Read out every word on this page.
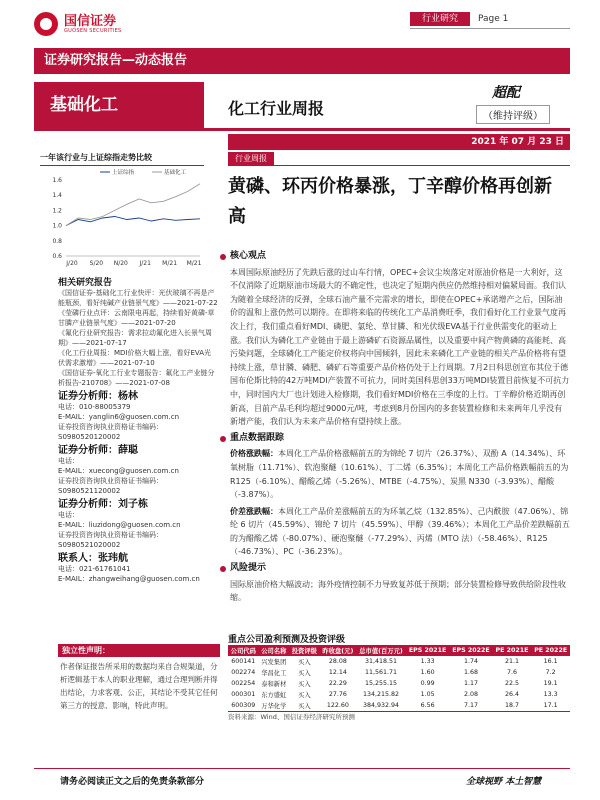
国信证券
GUOSEN SECURITIES
行业研究	Page 1
证券研究报告—动态报告
基础化工	化工行业周报
超配
（维持评级）
2021 年 07 月 23 日
一年该行业与上证综指走势比较
上证综指	基础化工
1.6
1.4
1.2
1.0
0.8
0.6
J/20 S/20 N/20 J/21 M/21 M/21
相关研究报告
《国信证券-基础化工行业快评：光伏玻璃不再是产能瓶颈，看好纯碱产业链景气度》——2021-07-22
《莹磷行业点评：云南限电再起，持续看好黄磷-草甘膦产业链景气度》——2021-07-20
《氟化行业研究报告：需求拉动氟化进入长景气周期》——2021-07-17
《化工行业周报：MDI价格大幅上涨，看好EVA光伏需求激增》——2021-07-10
《国信证券-氧化工行业专题报告：氟化工产业链分析报告-210708》——2021-07-08
证券分析师：杨林
电话：010-88005379
E-MAIL：yanglin6@guosen.com.cn
证券投资咨询执业资格证书编码：S0980520120002
证券分析师：薛聪
电话：
E-MAIL：xuecong@guosen.com.cn
证券投资咨询执业资格证书编码：S0980521120002
证券分析师：刘子栋
电话：
E-MAIL：liuzidong@guosen.com.cn
证券投资咨询执业资格证书编码：S0980521020002
联系人：张玮航
电话：021-61761041
E-MAIL：zhangweihang@guosen.com.cn
独立性声明：
作者保证报告所采用的数据均来自合规渠道，分析逻辑基于本人的职业理解，通过合理判断并得出结论，力求客观、公正，其结论不受其它任何第三方的授意、影响，特此声明。
行业周报
黄磷、环丙价格暴涨，丁辛醇价格再创新高
核心观点
本周国际原油经历了先跌后涨的过山车行情，OPEC+会议尘埃落定对原油价格是一大利好，这不仅消除了近期原油市场最大的不确定性，也决定了短期内供应仍然维持相对偏紧局面。我们认为随着全球经济的反弹，全球石油产量不完需求的增长，即使在OPEC+承诺增产之后，国际油价的温和上涨仍然可以期待。在即将来临的传统化工产品消费旺季，我们看好化工行业景气度再次上行，我们重点看好MDI、磷肥、氯纶、草甘膦、和光伏级EVA基于行业供需变化的驱动上涨。我们认为磷化工产业链由于最上游磷矿石资源品属性，以及重要中间产物黄磷的高能耗、高污染问题，全球磷化工产能定价权将向中国倾斜，因此未来磷化工产业链的相关产品价格将有望持续上涨，草甘膦、磷肥、磷矿石等重要产品价格仍处于上行周期。7月2日科思创宣布其位于德国布伦斯比特的42万吨MDI产装置不可抗力，同时美国科思创33万吨MDI装置目前恢复不可抗力中，同时国内大厂也计划进入检修期，我们看好MDI价格在三季度的上行。丁辛醇价格近期再创新高，目前产品毛利均超过9000元/吨，考虑到8月份国内的多套装置检修和未来两年几乎没有新增产能，我们认为未来产品价格有望持续上涨。
重点数据跟踪
价格涨跌幅：本周化工产品价格涨幅前五的为锦纶 7 切片（26.37%）、双酚 A（14.34%）、环氧树脂（11.71%）、软泡聚醚（10.61%）、丁二烯（6.35%）；本周化工产品价格跌幅前五的为 R125（-6.10%）、醋酸乙烯（-5.26%）、MTBE（-4.75%）、炭黑 N330（-3.93%）、醋酸（-3.87%）。
价差涨跌幅：本周化工产品价差涨幅前五的为环氧乙烷（132.85%）、己内酰胺（47.06%）、锦纶 6 切片（45.59%）、锦纶 7 切片（45.59%）、甲醇（39.46%）；本周化工产品价差跌幅前五的为醋酸乙烯（-80.07%）、硬泡聚醚（-77.29%）、丙烯（MTO 法）（-58.46%）、R125（-46.73%）、PC（-36.23%）。
风险提示
国际原油价格大幅波动；海外疫情控制不力导致复苏低于预期；部分装置检修导致供给阶段性收缩。
重点公司盈利预测及投资评级
公司代码	公司名称	投资评级	昨收盘(元)	总市值(百万元)	EPS 2021E	EPS 2022E	PE 2021E	PE 2022E
600141	兴发集团	买入	28.08	31,418.51	1.33	1.74	21.1	16.1
002274	华昌化工	买入	12.14	11,561.71	1.60	1.68	7.6	7.2
002254	泰和新材	买入	22.29	15,255.15	0.99	1.17	22.5	19.1
000301	东方盛虹	买入	27.76	134,215.82	1.05	2.08	26.4	13.3
600309	万华化学	买入	122.60	384,932.94	6.56	7.17	18.7	17.1
资料来源：Wind、国信证券经济研究所预测
请务必阅读正文之后的免责条款部分	全球视野 本土智慧
